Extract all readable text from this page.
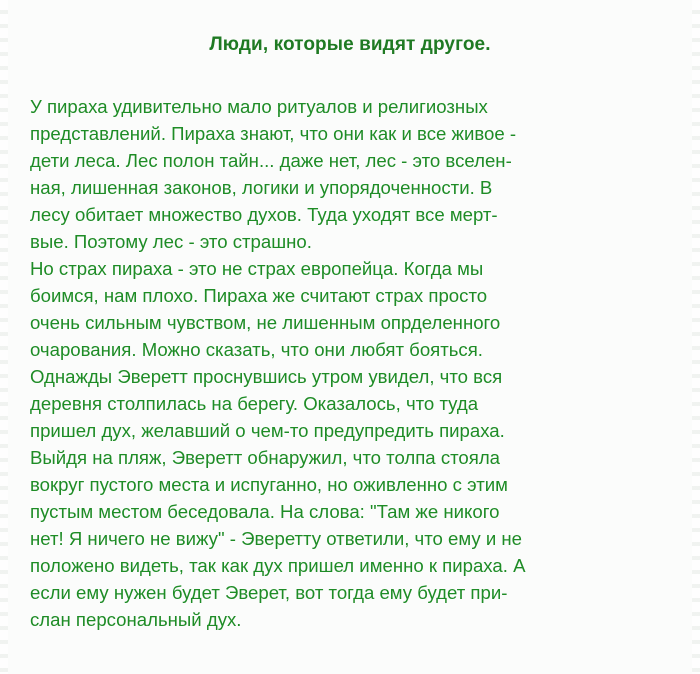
Люди, которые видят другое.
У пираха удивительно мало ритуалов и религиозных
представлений. Пираха знают, что они как и все живое -
дети леса. Лес полон тайн... даже нет, лес - это вселен-
ная, лишенная законов, логики и упорядоченности. В
лесу обитает множество духов. Туда уходят все мерт-
вые. Поэтому лес - это страшно.
Но страх пираха - это не страх европейца. Когда мы
боимся, нам плохо. Пираха же считают страх просто
очень сильным чувством, не лишенным опрделенного
очарования. Можно сказать, что они любят бояться.
Однажды Эверетт проснувшись утром увидел, что вся
деревня столпилась на берегу. Оказалось, что туда
пришел дух, желавший о чем-то предупредить пираха.
Выйдя на пляж, Эверетт обнаружил, что толпа стояла
вокруг пустого места и испуганно, но оживленно с этим
пустым местом беседовала. На слова: "Там же никого
нет! Я ничего не вижу" - Эверетту ответили, что ему и не
положено видеть, так как дух пришел именно к пираха. А
если ему нужен будет Эверет, вот тогда ему будет при-
слан персональный дух.
